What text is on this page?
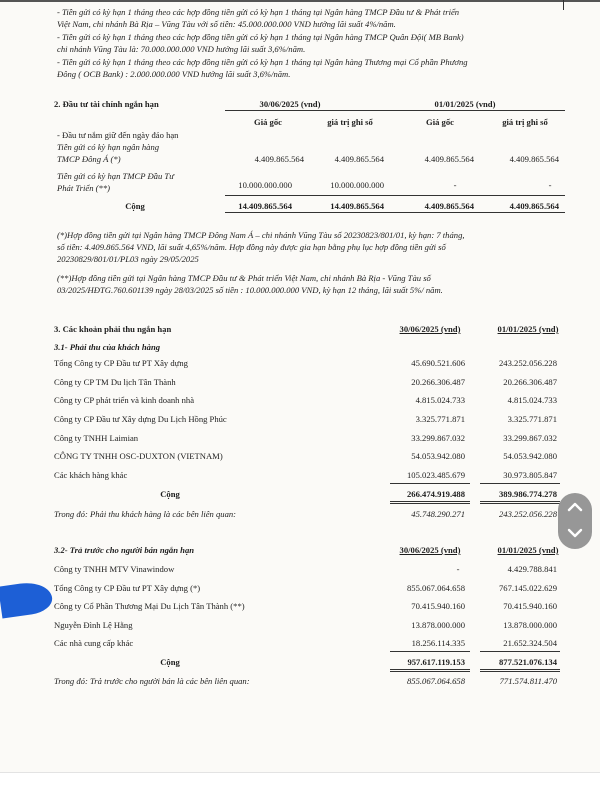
- Tiền gửi có kỳ hạn 1 tháng theo các hợp đồng tiền gửi có kỳ hạn 1 tháng tại Ngân hàng TMCP Đầu tư & Phát triển
Việt Nam, chi nhánh Bà Rịa – Vũng Tàu với số tiền: 45.000.000.000 VND hưởng lãi suất 4%/năm.
- Tiền gửi có kỳ hạn 1 tháng theo các hợp đồng tiền gửi có kỳ hạn 1 tháng tại Ngân hàng TMCP Quân Đội( MB Bank)
chi nhánh Vũng Tàu là: 70.000.000.000 VND hưởng lãi suất 3,6%/năm.
- Tiền gửi có kỳ hạn 1 tháng theo các hợp đồng tiền gửi có kỳ hạn 1 tháng tại Ngân hàng Thương mại Cổ phần Phương
Đông ( OCB Bank) : 2.000.000.000 VND hưởng lãi suất 3,6%/năm.
2. Đầu tư tài chính ngắn hạn	30/06/2025 (vnd)	01/01/2025 (vnd)
Giá gốc	giá trị ghi sổ	Giá gốc	giá trị ghi sổ
- Đầu tư nắm giữ đến ngày đáo hạn
Tiền gửi có kỳ hạn ngân hàng
TMCP Đông Á (*)	4.409.865.564	4.409.865.564	4.409.865.564	4.409.865.564
Tiền gửi có kỳ hạn TMCP Đầu Tư
Phát Triển (**)	10.000.000.000	10.000.000.000	-	-
Cộng	14.409.865.564	14.409.865.564	4.409.865.564	4.409.865.564
(*)Hợp đồng tiền gửi tại Ngân hàng TMCP Đông Nam Á – chi nhánh Vũng Tàu số 20230823/801/01, kỳ hạn: 7 tháng,
số tiền: 4.409.865.564 VND, lãi suất 4,65%/năm. Hợp đồng này được gia hạn bằng phụ lục hợp đồng tiền gửi số
20230829/801/01/PL03 ngày 29/05/2025
(**)Hợp đồng tiền gửi tại Ngân hàng TMCP Đầu tư & Phát triển Việt Nam, chi nhánh Bà Rịa - Vũng Tàu số
03/2025/HĐTG.760.601139 ngày 28/03/2025 số tiền : 10.000.000.000 VND, kỳ hạn 12 tháng, lãi suất 5%/ năm.
3. Các khoản phải thu ngắn hạn	30/06/2025 (vnd)	01/01/2025 (vnd)
3.1- Phải thu của khách hàng
Tổng Công ty CP Đầu tư PT Xây dựng	45.690.521.606	243.252.056.228
Công ty CP TM Du lịch Tân Thành	20.266.306.487	20.266.306.487
Công ty CP phát triển và kinh doanh nhà	4.815.024.733	4.815.024.733
Công ty CP Đầu tư Xây dựng Du Lịch Hồng Phúc	3.325.771.871	3.325.771.871
Công ty TNHH Laimian	33.299.867.032	33.299.867.032
CÔNG TY TNHH OSC-DUXTON (VIETNAM)	54.053.942.080	54.053.942.080
Các khách hàng khác	105.023.485.679	30.973.805.847
Cộng	266.474.919.488	389.986.774.278
Trong đó: Phải thu khách hàng là các bên liên quan:	45.748.290.271	243.252.056.228
3.2- Trả trước cho người bán ngắn hạn	30/06/2025 (vnd)	01/01/2025 (vnd)
Công ty TNHH MTV Vinawindow	-	4.429.788.841
Tổng Công ty CP Đầu tư PT Xây dựng (*)	855.067.064.658	767.145.022.629
Công ty Cổ Phần Thương Mại Du Lịch Tân Thành (**)	70.415.940.160	70.415.940.160
Nguyễn Đình Lệ Hằng	13.878.000.000	13.878.000.000
Các nhà cung cấp khác	18.256.114.335	21.652.324.504
Cộng	957.617.119.153	877.521.076.134
Trong đó: Trả trước cho người bán là các bên liên quan:	855.067.064.658	771.574.811.470
